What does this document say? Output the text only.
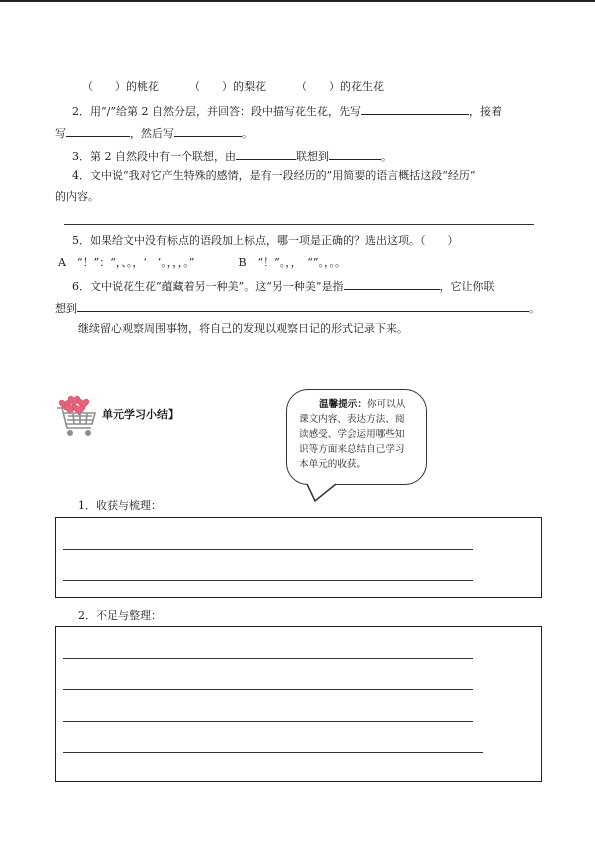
（　　）的桃花	（　　）的梨花	（　　）的花生花
2．用“/”给第 2 自然分层，并回答：段中描写花生花，先写	，接着
写	，然后写	。
3．第 2 自然段中有一个联想，由	联想到	。
4．文中说“我对它产生特殊的感情，是有一段经历的”用简要的语言概括这段“经历”
的内容。
5．如果给文中没有标点的语段加上标点，哪一项是正确的？选出这项。（　　）
A　“！”：“，、。，‘　’。，，，。”	B　“！”。，，　“”。，。。
6．文中说花生花“蕴藏着另一种美”。这“另一种美”是指	，它让你联
想到	。
继续留心观察周围事物，将自己的发现以观察日记的形式记录下来。
单元学习小结】
温馨提示：你可以从
课文内容、表达方法、阅
读感受、学会运用哪些知
识等方面来总结自己学习
本单元的收获。
1．收获与梳理：
2．不足与整理：
